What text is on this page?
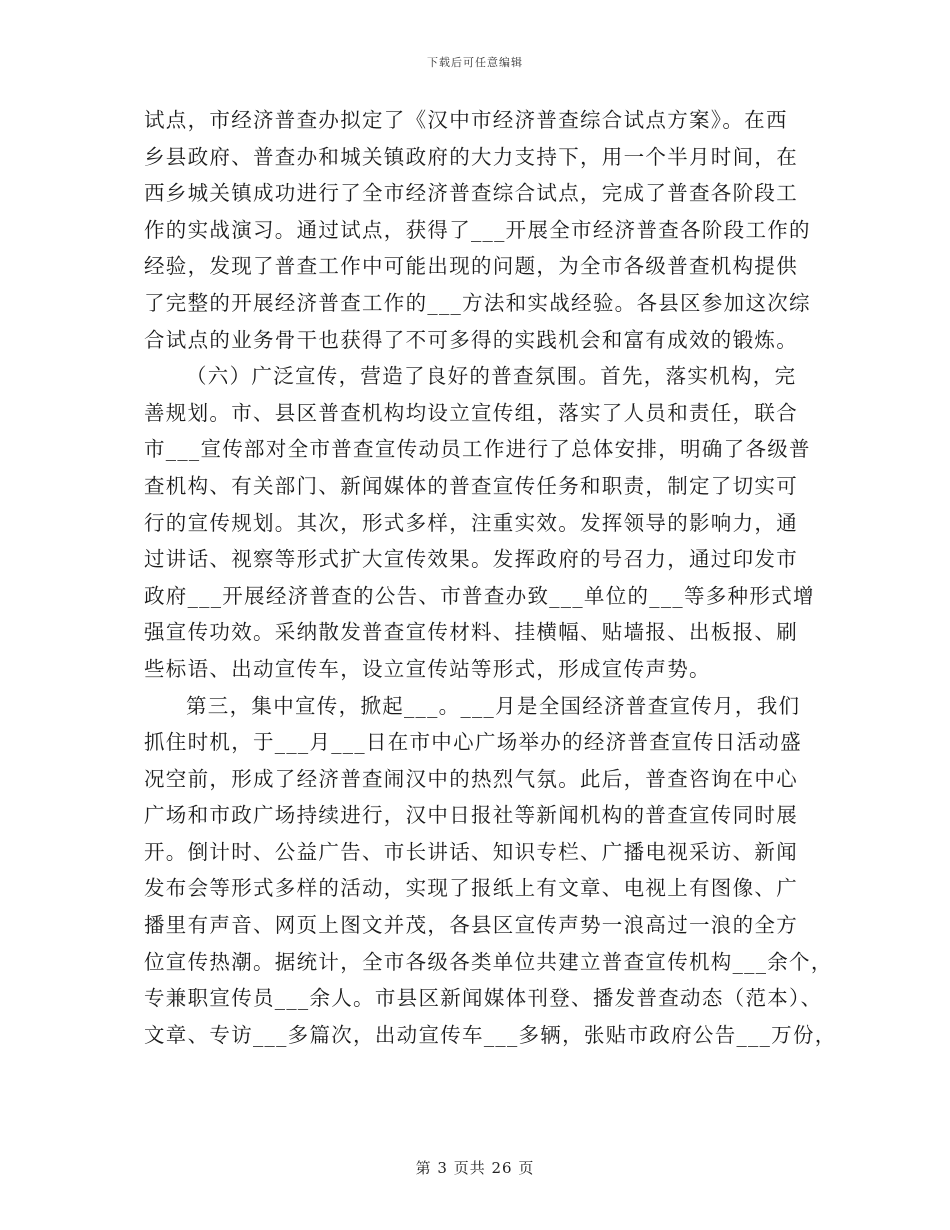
下载后可任意编辑
试点，市经济普查办拟定了《汉中市经济普查综合试点方案》。在西
乡县政府、普查办和城关镇政府的大力支持下，用一个半月时间，在
西乡城关镇成功进行了全市经济普查综合试点，完成了普查各阶段工
作的实战演习。通过试点，获得了___开展全市经济普查各阶段工作的
经验，发现了普查工作中可能出现的问题，为全市各级普查机构提供
了完整的开展经济普查工作的___方法和实战经验。各县区参加这次综
合试点的业务骨干也获得了不可多得的实践机会和富有成效的锻炼。
（六）广泛宣传，营造了良好的普查氛围。首先，落实机构，完
善规划。市、县区普查机构均设立宣传组，落实了人员和责任，联合
市___宣传部对全市普查宣传动员工作进行了总体安排，明确了各级普
查机构、有关部门、新闻媒体的普查宣传任务和职责，制定了切实可
行的宣传规划。其次，形式多样，注重实效。发挥领导的影响力，通
过讲话、视察等形式扩大宣传效果。发挥政府的号召力，通过印发市
政府___开展经济普查的公告、市普查办致___单位的___等多种形式增
强宣传功效。采纳散发普查宣传材料、挂横幅、贴墙报、出板报、刷
些标语、出动宣传车，设立宣传站等形式，形成宣传声势。
第三，集中宣传，掀起___。___月是全国经济普查宣传月，我们
抓住时机，于___月___日在市中心广场举办的经济普查宣传日活动盛
况空前，形成了经济普查闹汉中的热烈气氛。此后，普查咨询在中心
广场和市政广场持续进行，汉中日报社等新闻机构的普查宣传同时展
开。倒计时、公益广告、市长讲话、知识专栏、广播电视采访、新闻
发布会等形式多样的活动，实现了报纸上有文章、电视上有图像、广
播里有声音、网页上图文并茂，各县区宣传声势一浪高过一浪的全方
位宣传热潮。据统计，全市各级各类单位共建立普查宣传机构___余个，
专兼职宣传员___余人。市县区新闻媒体刊登、播发普查动态（范本）、
文章、专访___多篇次，出动宣传车___多辆，张贴市政府公告___万份，
第 3 页共 26 页
